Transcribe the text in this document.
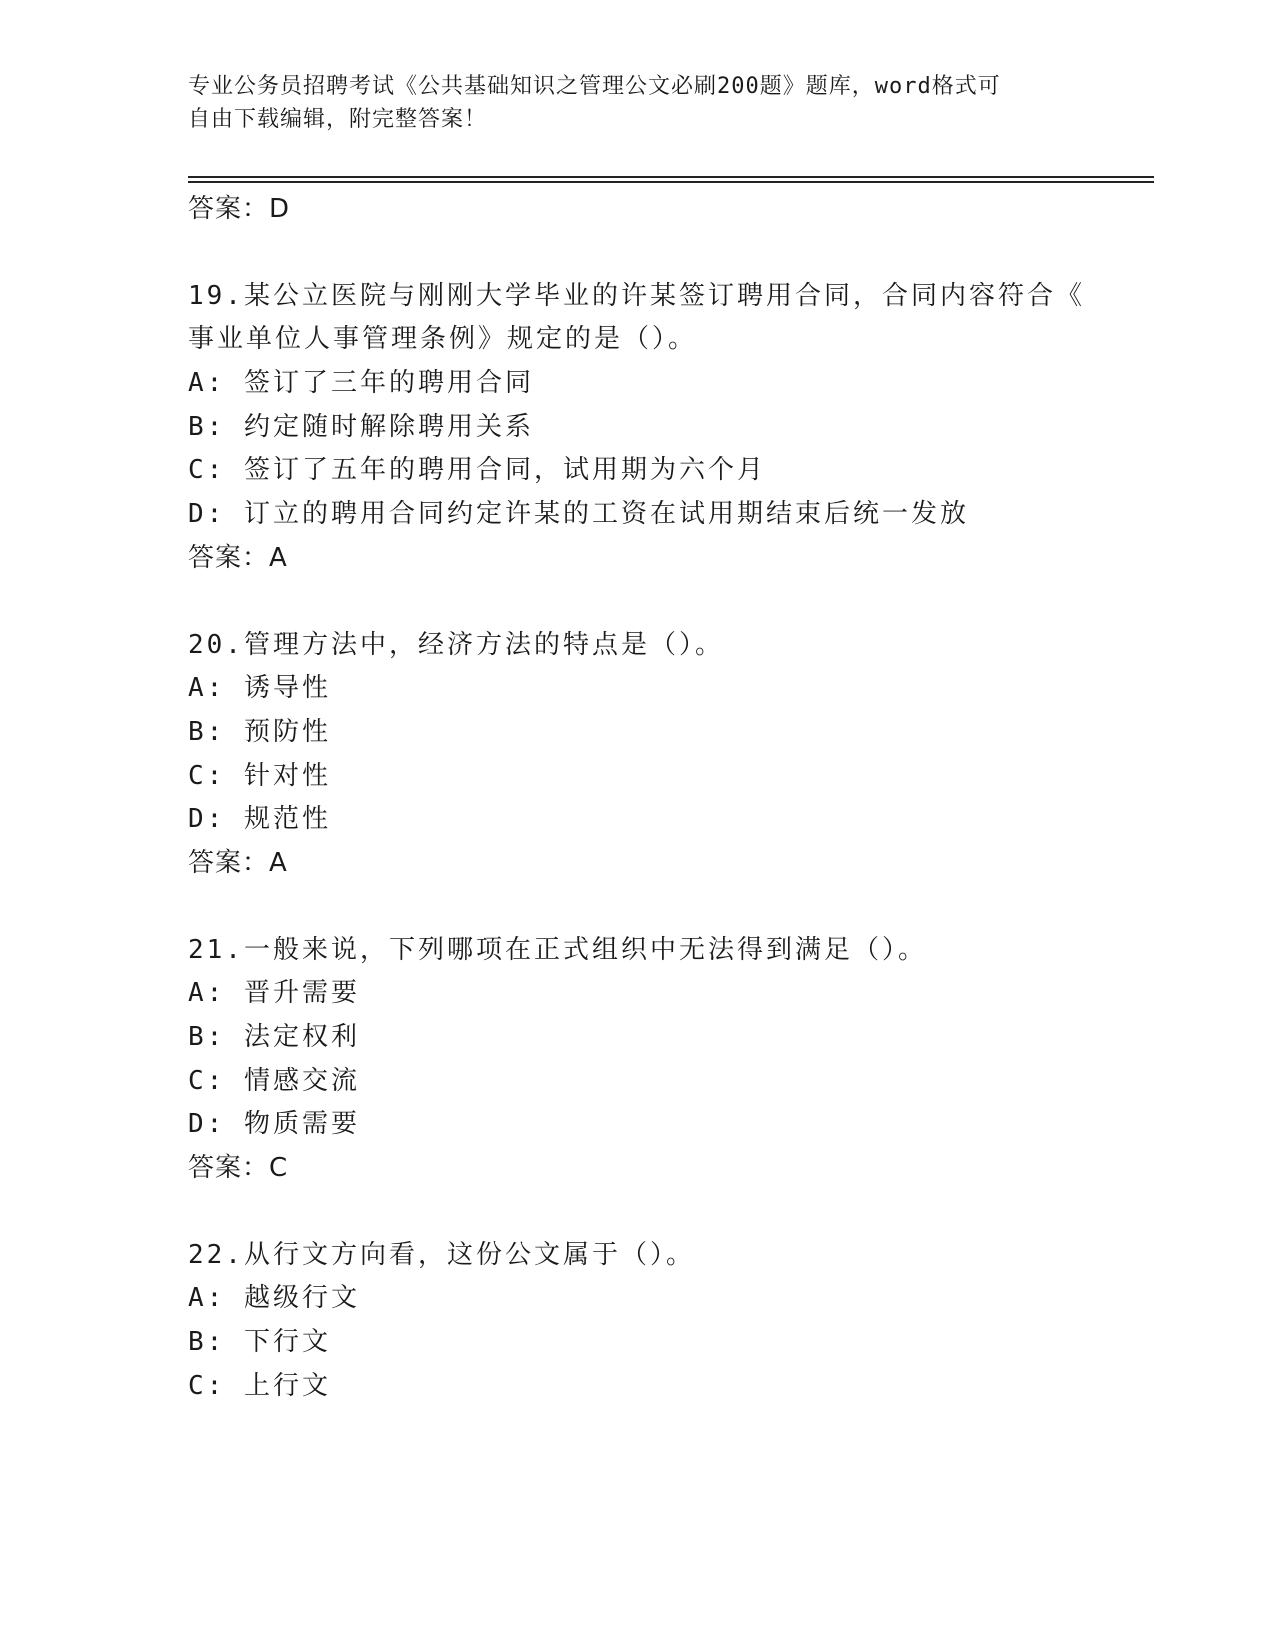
专业公务员招聘考试《公共基础知识之管理公文必刷200题》题库，word格式可
自由下载编辑，附完整答案！
答案：D
19.某公立医院与刚刚大学毕业的许某签订聘用合同，合同内容符合《
事业单位人事管理条例》规定的是（）。
A: 签订了三年的聘用合同
B: 约定随时解除聘用关系
C: 签订了五年的聘用合同，试用期为六个月
D: 订立的聘用合同约定许某的工资在试用期结束后统一发放
答案：A
20.管理方法中，经济方法的特点是（）。
A: 诱导性
B: 预防性
C: 针对性
D: 规范性
答案：A
21.一般来说，下列哪项在正式组织中无法得到满足（）。
A: 晋升需要
B: 法定权利
C: 情感交流
D: 物质需要
答案：C
22.从行文方向看，这份公文属于（）。
A: 越级行文
B: 下行文
C: 上行文
